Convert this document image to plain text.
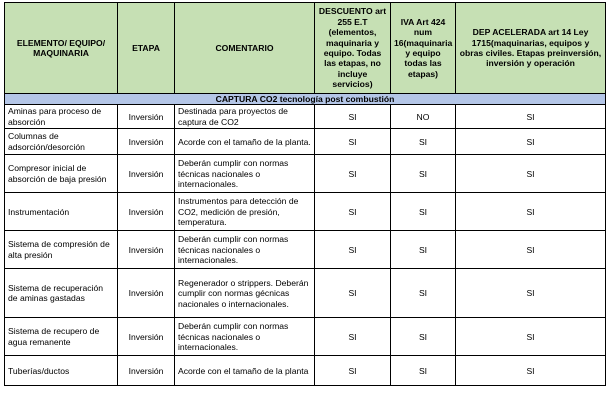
ELEMENTO/ EQUIPO/ MAQUINARIA	ETAPA	COMENTARIO	DESCUENTO art 255 E.T (elementos, maquinaria y equipo. Todas las etapas, no incluye servicios)	IVA Art 424 num 16(maquinaria y equipo todas las etapas)	DEP ACELERADA art 14 Ley 1715(maquinarias, equipos y obras civiles. Etapas preinversión, inversión y operación
CAPTURA CO2 tecnología post combustión					
Aminas para proceso de absorción	Inversión	Destinada para proyectos de captura de CO2	SI	NO	SI
Columnas de adsorción/desorción	Inversión	Acorde con el tamaño de la planta.	SI	SI	SI
Compresor inicial de absorción de baja presión	Inversión	Deberán cumplir con normas técnicas nacionales o internacionales.	SI	SI	SI
Instrumentación	Inversión	Instrumentos para detección de CO2, medición de presión, temperatura.	SI	SI	SI
Sistema de compresión de alta presión	Inversión	Deberán cumplir con normas técnicas nacionales o internacionales.	SI	SI	SI
Sistema de recuperación de aminas gastadas	Inversión	Regenerador o strippers. Deberán cumplir con normas gécnicas nacionales o internacionales.	SI	SI	SI
Sistema de recupero de agua remanente	Inversión	Deberán cumplir con normas técnicas nacionales o internacionales.	SI	SI	SI
Tuberías/ductos	Inversión	Acorde con el tamaño de la planta	SI	SI	SI
